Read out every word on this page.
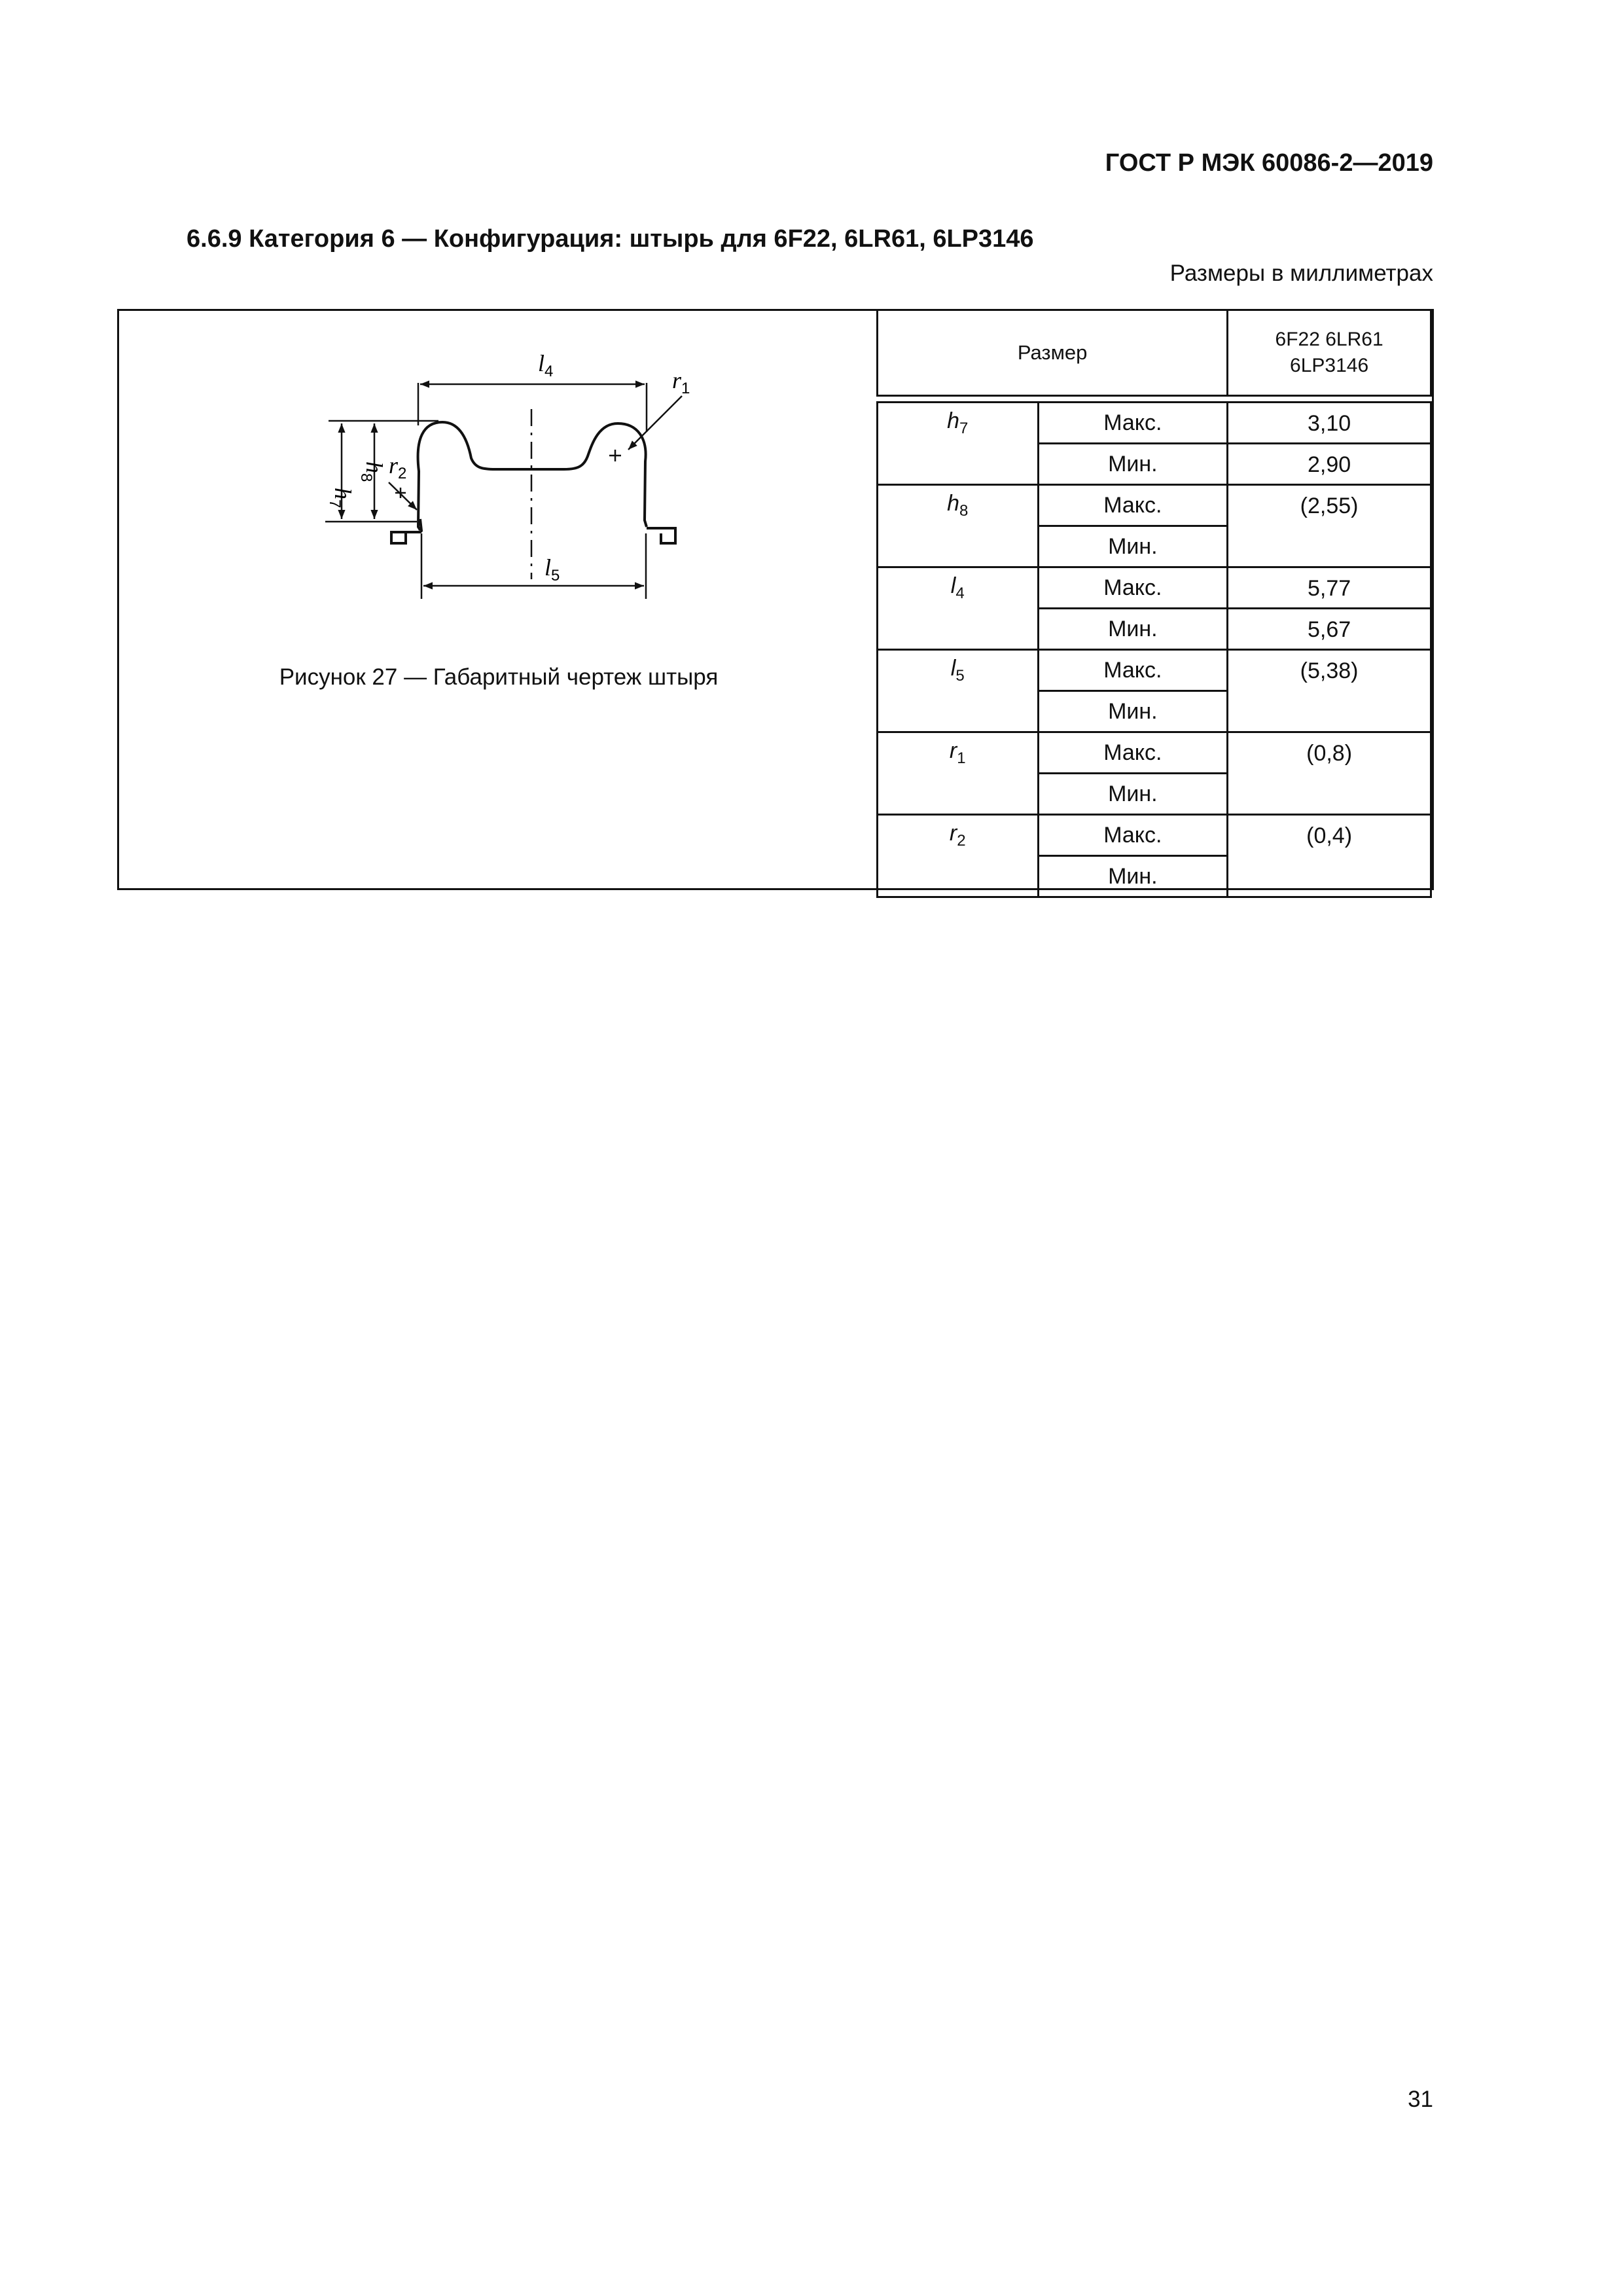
ГОСТ Р МЭК 60086-2—2019
6.6.9 Категория 6 — Конфигурация: штырь для 6F22, 6LR61, 6LP3146
Размеры в миллиметрах
$l_4$
$l_5$
$h_7$
$h_8$
$r_1$
$r_2$
Рисунок 27 — Габаритный чертеж штыря
Размер		6F22 6LR61
6LP3146

$h_7$	Макс.	3,10
	Мин.	2,90
$h_8$	Макс.	(2,55)
	Мин.	
$l_4$	Макс.	5,77
	Мин.	5,67
$l_5$	Макс.	(5,38)
	Мин.	
$r_1$	Макс.	(0,8)
	Мин.	
$r_2$	Макс.	(0,4)
	Мин.	
31
